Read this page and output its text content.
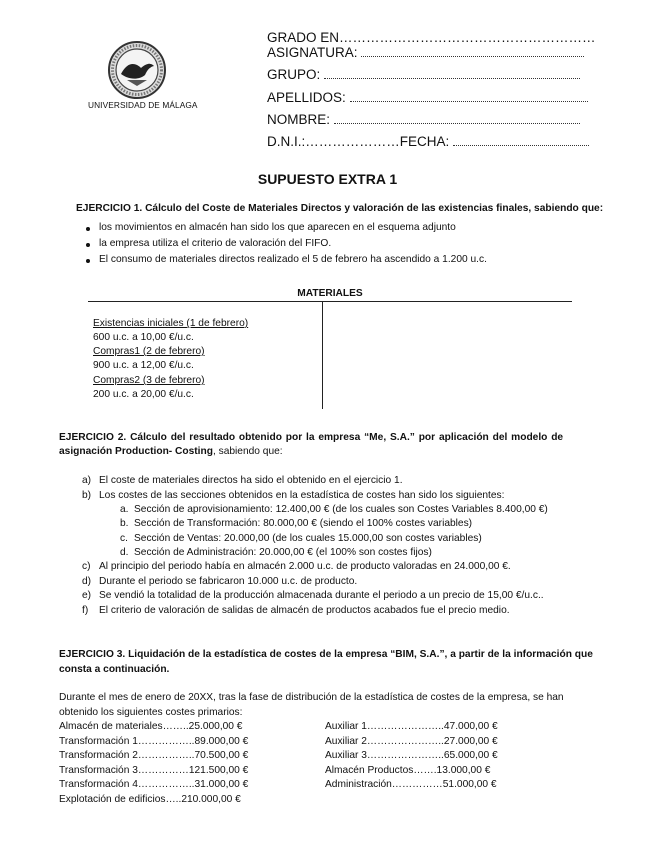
UNIVERSIDAD DE MÁLAGA
GRADO EN…………………………………………………
ASIGNATURA:
GRUPO:
APELLIDOS:
NOMBRE:
D.N.I.:…………………FECHA:
SUPUESTO EXTRA 1
EJERCICIO 1. Cálculo del Coste de Materiales Directos y valoración de las existencias finales, sabiendo que:
los movimientos en almacén han sido los que aparecen en el esquema adjunto
la empresa utiliza el criterio de valoración del FIFO.
El consumo de materiales directos realizado el 5 de febrero ha ascendido a 1.200 u.c.
MATERIALES
Existencias iniciales (1 de febrero)
600 u.c. a 10,00 €/u.c.
Compras1 (2 de febrero)
900 u.c. a 12,00 €/u.c.
Compras2 (3 de febrero)
200 u.c. a 20,00 €/u.c.
EJERCICIO 2. Cálculo del resultado obtenido por la empresa “Me, S.A.” por aplicación del modelo de
asignación Production- Costing, sabiendo que:
a) El coste de materiales directos ha sido el obtenido en el ejercicio 1.
b) Los costes de las secciones obtenidos en la estadística de costes han sido los siguientes:
a. Sección de aprovisionamiento: 12.400,00 € (de los cuales son Costes Variables 8.400,00 €)
b. Sección de Transformación: 80.000,00 € (siendo el 100% costes variables)
c. Sección de Ventas: 20.000,00 (de los cuales 15.000,00 son costes variables)
d. Sección de Administración: 20.000,00 € (el 100% son costes fijos)
c) Al principio del periodo había en almacén 2.000 u.c. de producto valoradas en 24.000,00 €.
d) Durante el periodo se fabricaron 10.000 u.c. de producto.
e) Se vendió la totalidad de la producción almacenada durante el periodo a un precio de 15,00 €/u.c..
f) El criterio de valoración de salidas de almacén de productos acabados fue el precio medio.
EJERCICIO 3. Liquidación de la estadística de costes de la empresa “BIM, S.A.”, a partir de la información que
consta a continuación.
Durante el mes de enero de 20XX, tras la fase de distribución de la estadística de costes de la empresa, se han
obtenido los siguientes costes primarios:
Almacén de materiales……..25.000,00 €
Transformación 1……………..89.000,00 €
Transformación 2……………..70.500,00 €
Transformación 3……………121.500,00 €
Transformación 4……………..31.000,00 €
Explotación de edificios…..210.000,00 €
Auxiliar 1…………………..47.000,00 €
Auxiliar 2…………………..27.000,00 €
Auxiliar 3…………………..65.000,00 €
Almacén Productos…….13.000,00 €
Administración……………51.000,00 €
